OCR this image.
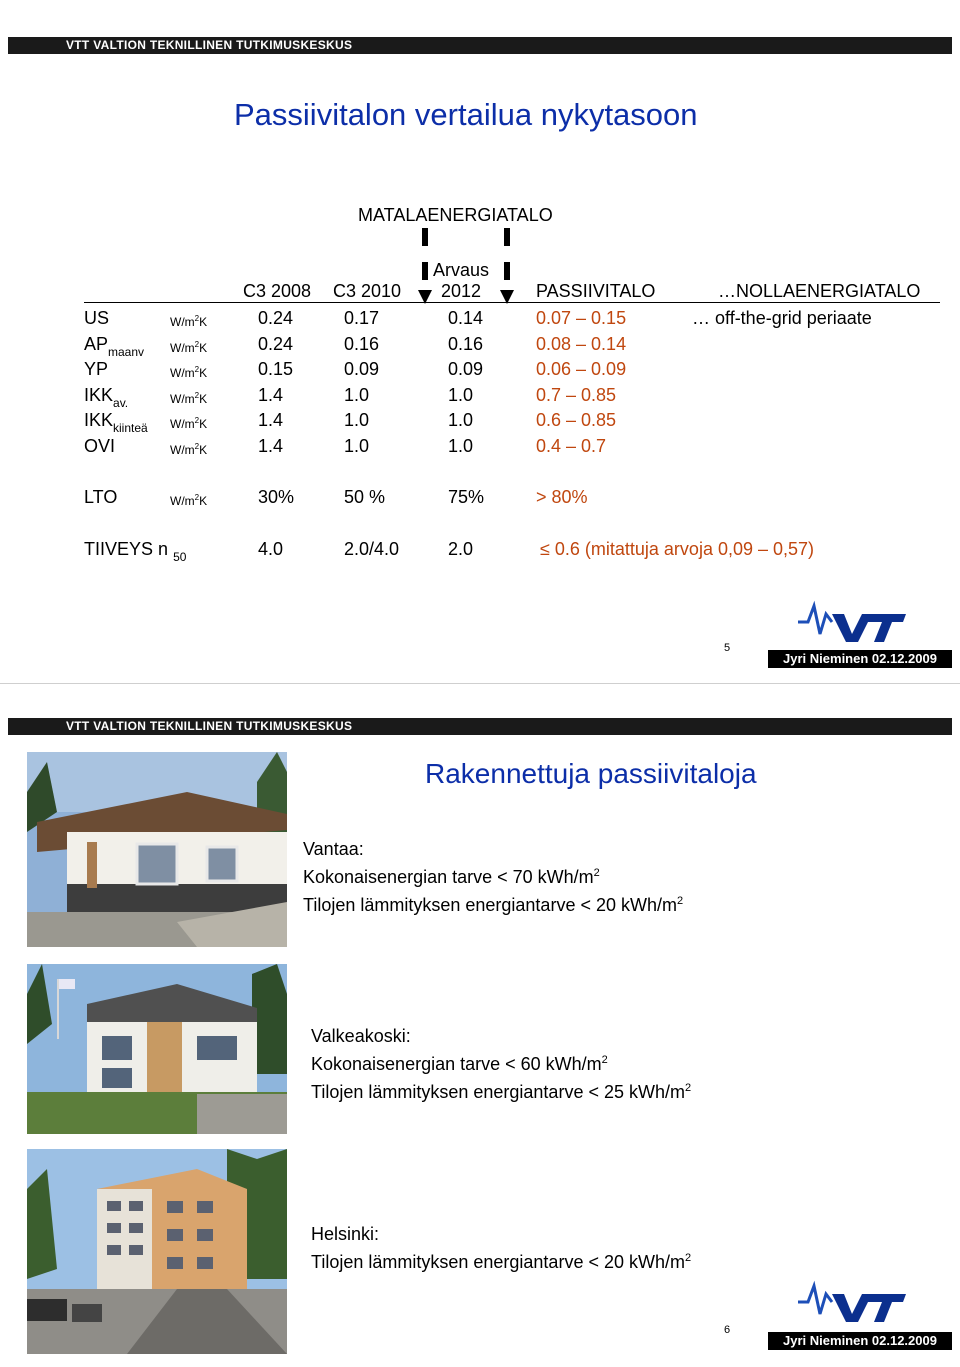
VTT VALTION TEKNILLINEN TUTKIMUSKESKUS
Passiivitalon vertailua nykytasoon
MATALAENERGIATALO
C3 2008 C3 2010
Arvaus
2012	PASSIIVITALO	…NOLLAENERGIATALO
US	$W/m^2K$	0.24	0.17	0.14	0.07 – 0.15	… off-the-grid periaate
$AP_{maanv}$ $W/m^2K$	0.24	0.16	0.16	0.08 – 0.14
YP	$W/m^2K$	0.15	0.09	0.09	0.06 – 0.09
$IKK_{av.}$	$W/m^2K$	1.4	1.0	1.0	0.7 – 0.85
$IKK_{kiinteä}$ $W/m^2K$	1.4	1.0	1.0	0.6 – 0.85
OVI	$W/m^2K$	1.4	1.0	1.0	0.4 – 0.7
LTO	$W/m^2K$	30%	50 %	75%	> 80%
TIIVEYS n $_{50}$	4.0	2.0/4.0	2.0	≤ 0.6 (mitattuja arvoja 0,09 – 0,57)
5
Jyri Nieminen 02.12.2009
VTT VALTION TEKNILLINEN TUTKIMUSKESKUS
Rakennettuja passiivitaloja
Vantaa:
Kokonaisenergian tarve < 70 kWh/$m^2$
Tilojen lämmityksen energiantarve < 20 kWh/$m^2$
Valkeakoski:
Kokonaisenergian tarve < 60 kWh/$m^2$
Tilojen lämmityksen energiantarve < 25 kWh/$m^2$
Helsinki:
Tilojen lämmityksen energiantarve < 20 kWh/$m^2$
6
Jyri Nieminen 02.12.2009
